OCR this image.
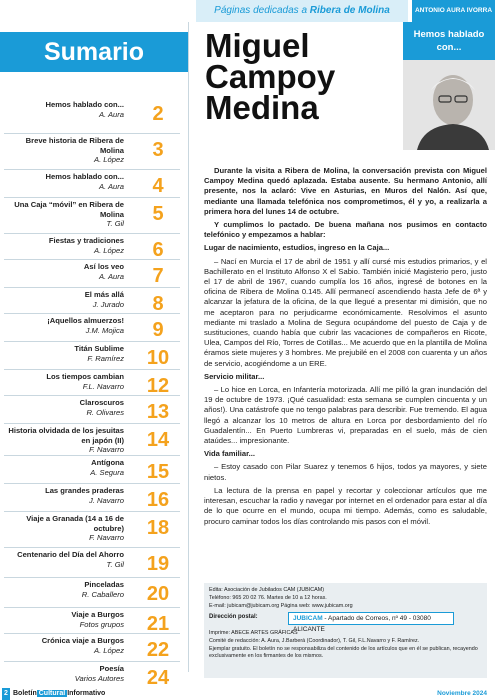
Sumario
Hemos hablado con...
A. Aura	2
Breve historia de Ribera de Molina
A. López	3
Hemos hablado con...
A. Aura	4
Una Caja “móvil” en Ribera de Molina
T. Gil	5
Fiestas y tradiciones
A. López	6
Así los veo
A. Aura	7
El más allá
J. Jurado	8
¡Aquellos almuerzos!
J.M. Mojica	9
Titán Sublime
F. Ramírez	10
Los tiempos cambian
F.L. Navarro	12
Claroscuros
R. Olivares	13
Historia olvidada de los jesuitas en japón (II)
F. Navarro	14
Antígona
A. Segura	15
Las grandes praderas
J. Navarro	16
Viaje a Granada (14 a 16 de octubre)
F. Navarro	18
Centenario del Día del Ahorro
T. Gil	19
Pinceladas
R. Caballero	20
Viaje a Burgos
Fotos grupos	21
Crónica viaje a Burgos
A. López	22
Poesía
Varios Autores	24
Páginas dedicadas a Ribera de Molina	ANTONIO AURA IVORRA
Miguel
Campoy
Medina
Hemos hablado con...

Durante la visita a Ribera de Molina, la conversación prevista con Miguel Campoy Medina quedó aplazada. Estaba ausente. Su hermano Antonio, allí presente, nos la aclaró: Vive en Asturias, en Muros del Nalón. Así que, mediante una llamada telefónica nos comprometimos, él y yo, a realizarla a primera hora del lunes 14 de octubre.

Y cumplimos lo pactado. De buena mañana nos pusimos en contacto telefónico y empezamos a hablar:

Lugar de nacimiento, estudios, ingreso en la Caja...

– Nací en Murcia el 17 de abril de 1951 y allí cursé mis estudios primarios, y el Bachillerato en el Instituto Alfonso X el Sabio. También inicié Magisterio pero, justo el 17 de abril de 1967, cuando cumplía los 16 años, ingresé de botones en la oficina de Ribera de Molina 0.145. Allí permanecí ascendiendo hasta Jefe de 6ª y alcanzar la jefatura de la oficina, de la que llegué a presentar mi dimisión, que no me aceptaron para no perjudicarme económicamente. Resolvimos el asunto mediante mi traslado a Molina de Segura ocupándome del puesto de Caja y de sustituciones, cuando había que cubrir las vacaciones de compañeros en Ricote, Ulea, Campos del Río, Torres de Cotillas... Me acuerdo que en la plantilla de Molina éramos siete mujeres y 3 hombres. Me prejubilé en el 2008 con cuarenta y un años de servicio, acogiéndome a un ERE.

Servicio militar...

– Lo hice en Lorca, en Infantería motorizada. Allí me pilló la gran inundación del 19 de octubre de 1973. ¡Qué casualidad: esta semana se cumplen cincuenta y un años!). Una catástrofe que no tengo palabras para describir. Fue tremendo. El agua llegó a alcanzar los 10 metros de altura en Lorca por desbordamiento del río Guadalentín... En Puerto Lumbreras vi, preparadas en el suelo, más de cien ataúdes... impresionante.

Vida familiar...

– Estoy casado con Pilar Suarez y tenemos 6 hijos, todos ya mayores, y siete nietos.

La lectura de la prensa en papel y recortar y coleccionar artículos que me interesan, escuchar la radio y navegar por internet en el ordenador para estar al día de lo que ocurre en el mundo, ocupa mi tiempo. Además, como es saludable, procuro caminar todos los días controlando mis pasos con el móvil.

Edita: Asociación de Jubilados CAM (JUBICAM)
Teléfono: 965 20 02 76. Martes de 10 a 12 horas.
E-mail: jubicam@jubicam.org Página web: www.jubicam.org
Dirección postal:	JUBICAM - Apartado de Correos, nº 49 - 03080 ALICANTE
Imprime: ABECE ARTES GRÁFICAS
Comité de redacción: A. Aura, J.Barberá (Coordinador), T. Gil, F.L.Navarro y F. Ramírez.
Ejemplar gratuito. El boletín no se responsabiliza del contenido de los artículos que en él se publican, recayendo exclusivamente en los firmantes de los mismos.
2 Boletín Cultural Informativo	Noviembre 2024
